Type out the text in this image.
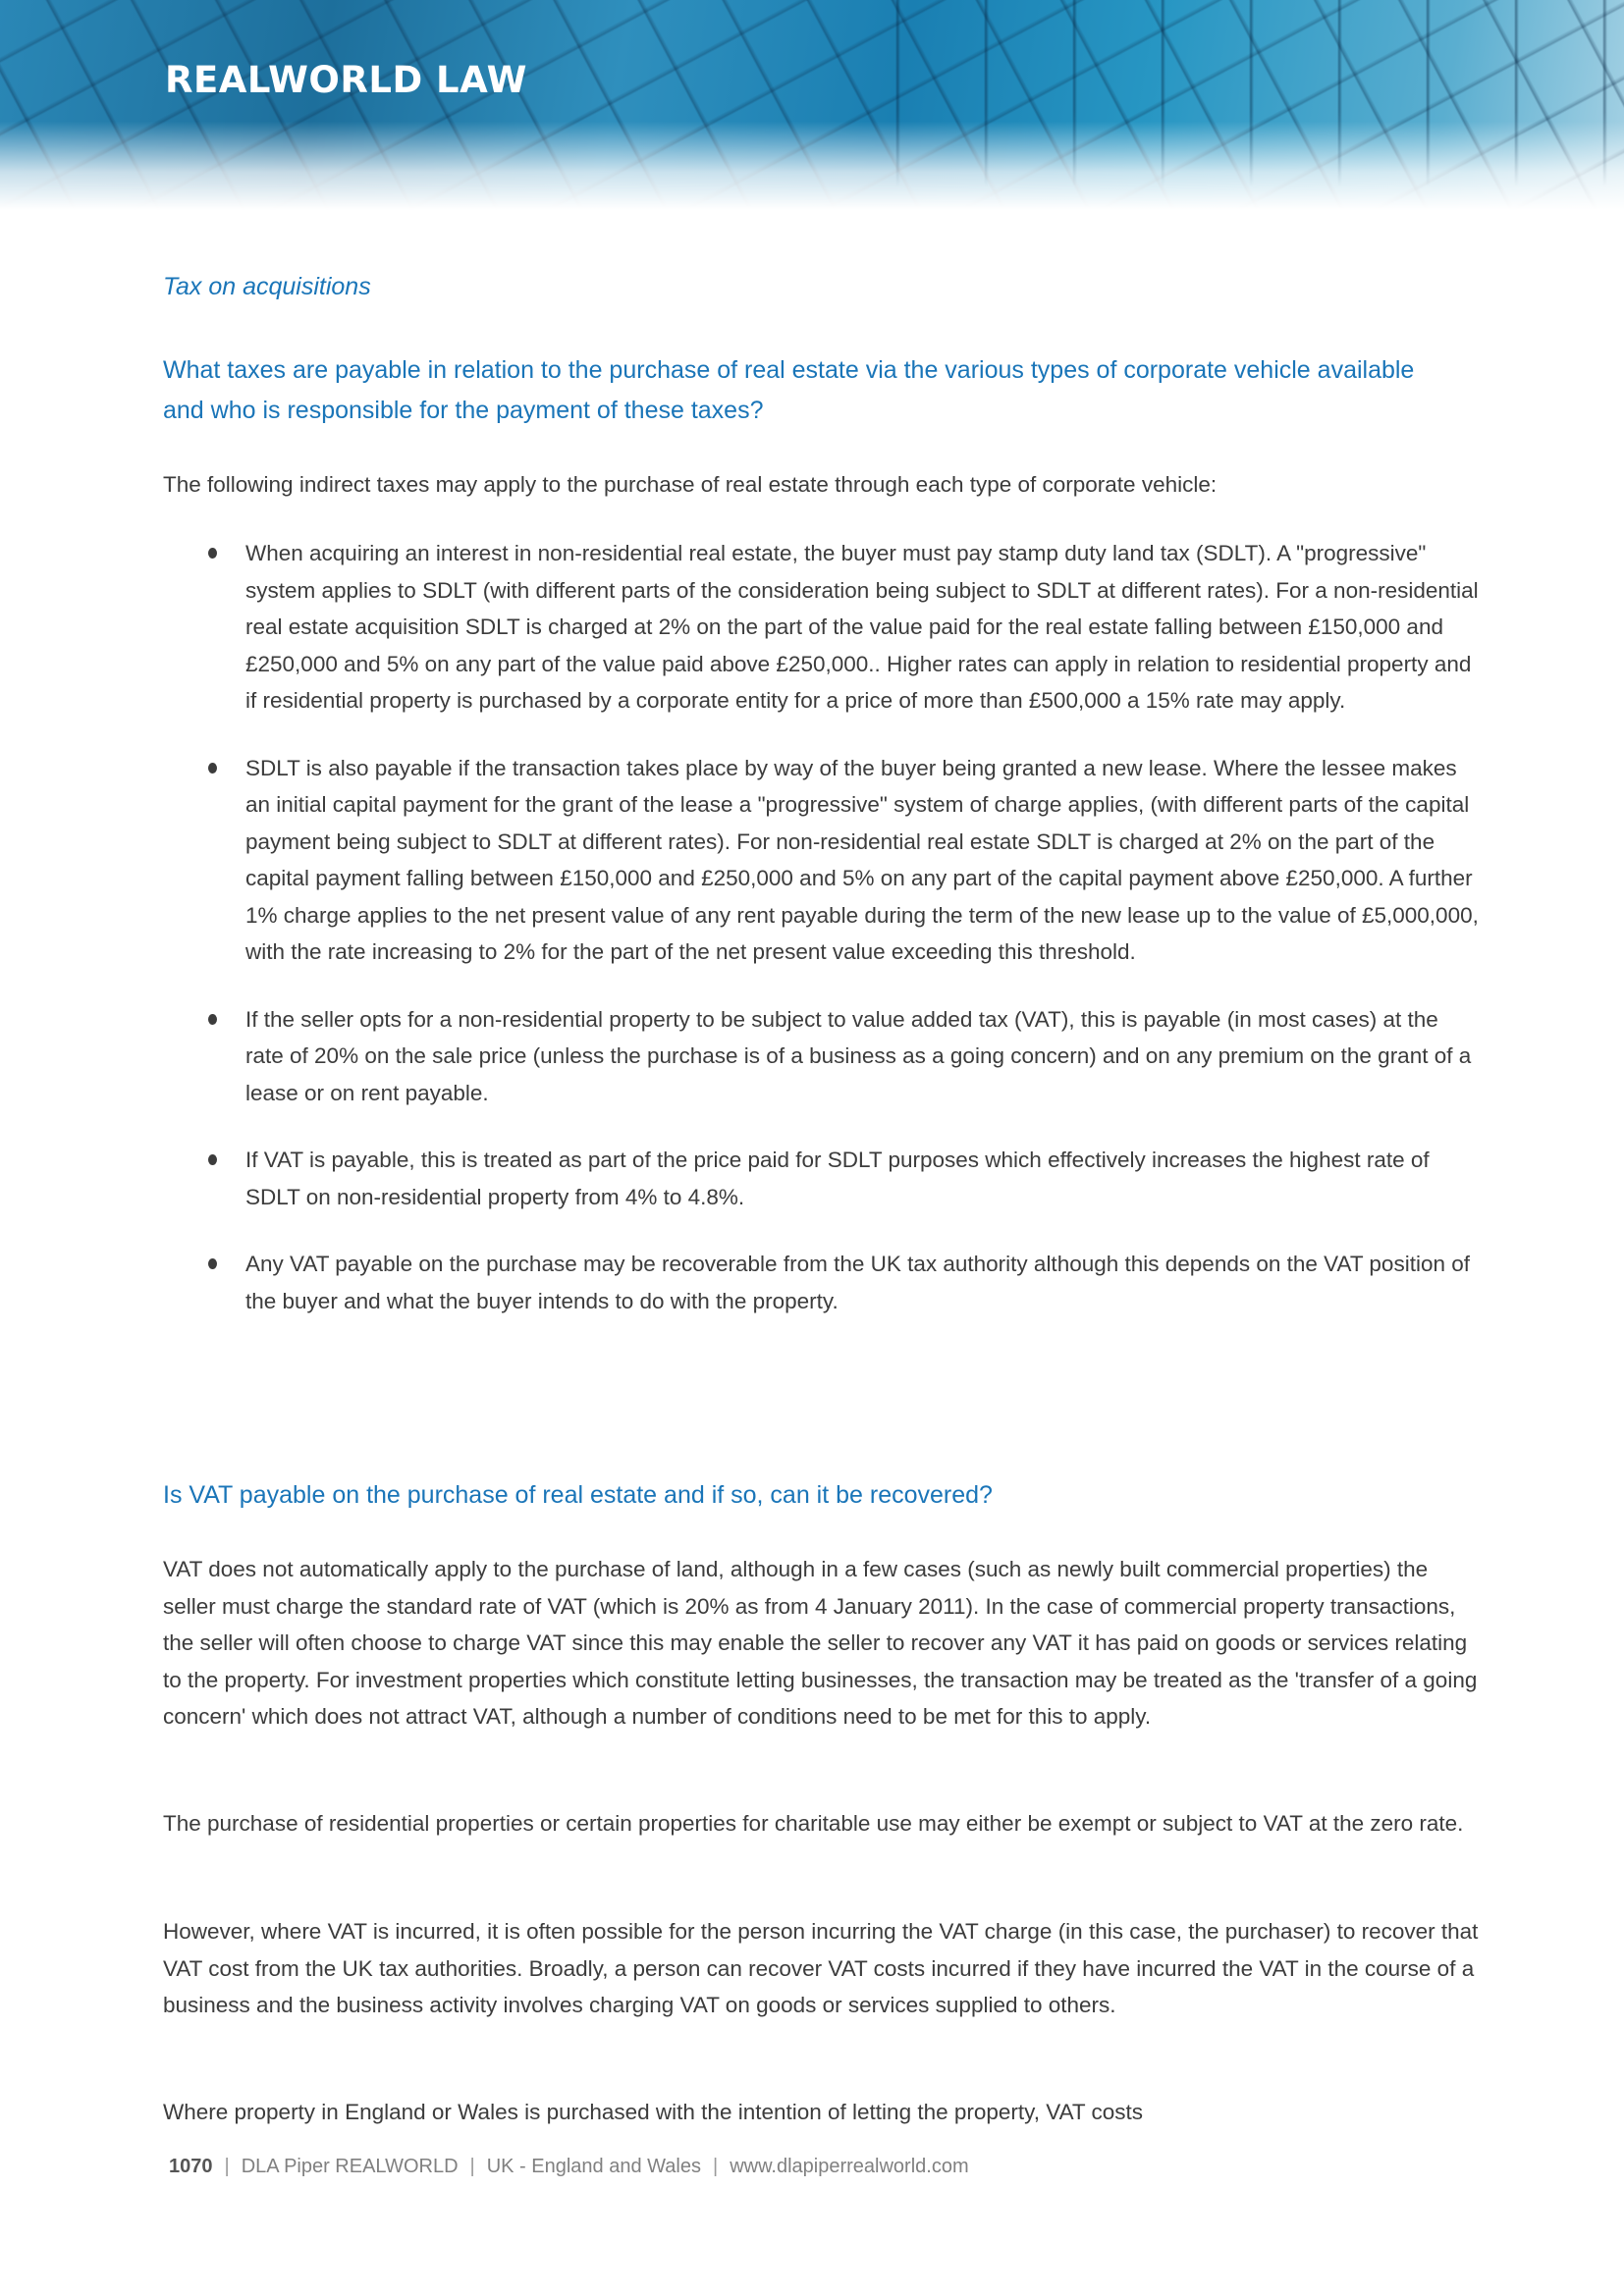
REALWORLD LAW
Tax on acquisitions
What taxes are payable in relation to the purchase of real estate via the various types of corporate vehicle available and who is responsible for the payment of these taxes?

The following indirect taxes may apply to the purchase of real estate through each type of corporate vehicle:

When acquiring an interest in non-residential real estate, the buyer must pay stamp duty land tax (SDLT). A "progressive" system applies to SDLT (with different parts of the consideration being subject to SDLT at different rates). For a non-residential real estate acquisition SDLT is charged at 2% on the part of the value paid for the real estate falling between £150,000 and £250,000 and 5% on any part of the value paid above £250,000.. Higher rates can apply in relation to residential property and if residential property is purchased by a corporate entity for a price of more than £500,000 a 15% rate may apply.
SDLT is also payable if the transaction takes place by way of the buyer being granted a new lease. Where the lessee makes an initial capital payment for the grant of the lease a "progressive" system of charge applies, (with different parts of the capital payment being subject to SDLT at different rates). For non-residential real estate SDLT is charged at 2% on the part of the capital payment falling between £150,000 and £250,000 and 5% on any part of the capital payment above £250,000. A further 1% charge applies to the net present value of any rent payable during the term of the new lease up to the value of £5,000,000, with the rate increasing to 2% for the part of the net present value exceeding this threshold.
If the seller opts for a non-residential property to be subject to value added tax (VAT), this is payable (in most cases) at the rate of 20% on the sale price (unless the purchase is of a business as a going concern) and on any premium on the grant of a lease or on rent payable.
If VAT is payable, this is treated as part of the price paid for SDLT purposes which effectively increases the highest rate of SDLT on non-residential property from 4% to 4.8%.
Any VAT payable on the purchase may be recoverable from the UK tax authority although this depends on the VAT position of the buyer and what the buyer intends to do with the property.
Is VAT payable on the purchase of real estate and if so, can it be recovered?

VAT does not automatically apply to the purchase of land, although in a few cases (such as newly built commercial properties) the seller must charge the standard rate of VAT (which is 20% as from 4 January 2011). In the case of commercial property transactions, the seller will often choose to charge VAT since this may enable the seller to recover any VAT it has paid on goods or services relating to the property. For investment properties which constitute letting businesses, the transaction may be treated as the 'transfer of a going concern' which does not attract VAT, although a number of conditions need to be met for this to apply.

The purchase of residential properties or certain properties for charitable use may either be exempt or subject to VAT at the zero rate.

However, where VAT is incurred, it is often possible for the person incurring the VAT charge (in this case, the purchaser) to recover that VAT cost from the UK tax authorities. Broadly, a person can recover VAT costs incurred if they have incurred the VAT in the course of a business and the business activity involves charging VAT on goods or services supplied to others.

Where property in England or Wales is purchased with the intention of letting the property, VAT costs

1070 | DLA Piper REALWORLD | UK - England and Wales | www.dlapiperrealworld.com
